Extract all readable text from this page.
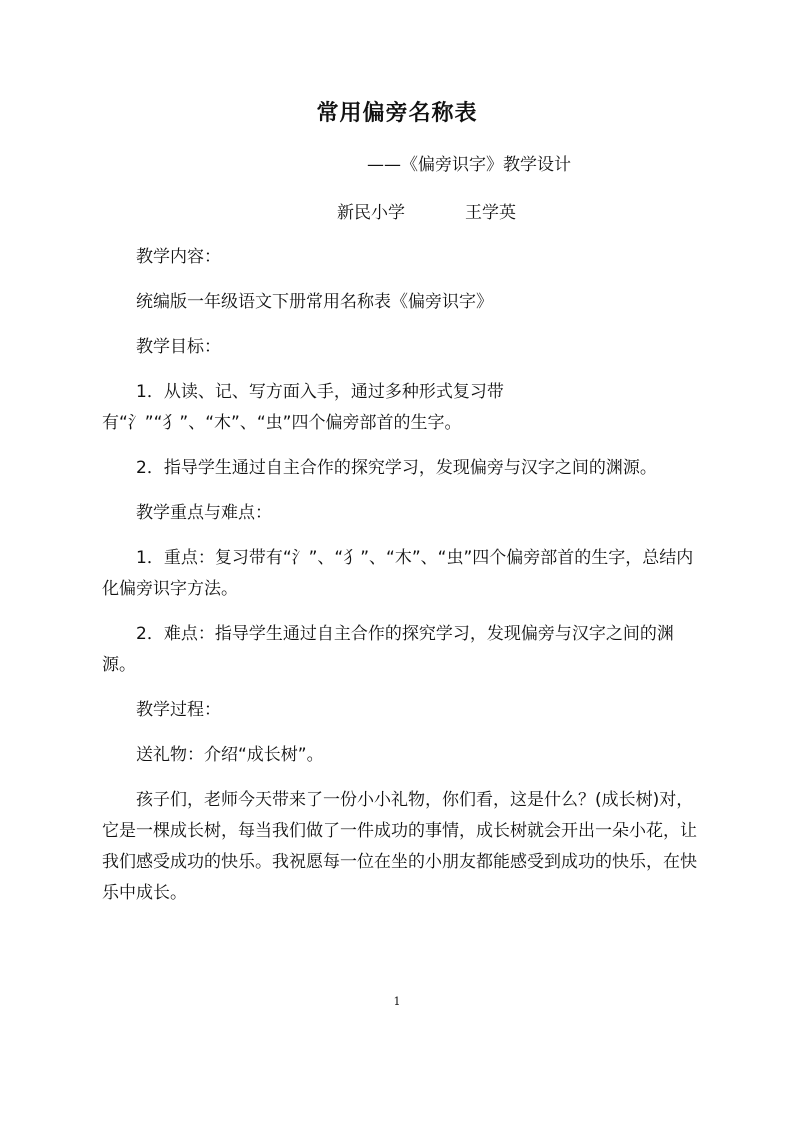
常用偏旁名称表
——《偏旁识字》教学设计
新民小学	王学英

教学内容：

统编版一年级语文下册常用名称表《偏旁识字》

教学目标：

1．从读、记、写方面入手，通过多种形式复习带有“氵”“犭”、“木”、“虫”四个偏旁部首的生字。

2．指导学生通过自主合作的探究学习，发现偏旁与汉字之间的渊源。

教学重点与难点：

1．重点：复习带有“氵”、“犭”、“木”、“虫”四个偏旁部首的生字，总结内化偏旁识字方法。

2．难点：指导学生通过自主合作的探究学习，发现偏旁与汉字之间的渊源。

教学过程：

送礼物：介绍“成长树”。

孩子们，老师今天带来了一份小小礼物，你们看，这是什么？(成长树)对，它是一棵成长树，每当我们做了一件成功的事情，成长树就会开出一朵小花，让我们感受成功的快乐。我祝愿每一位在坐的小朋友都能感受到成功的快乐，在快乐中成长。

1
